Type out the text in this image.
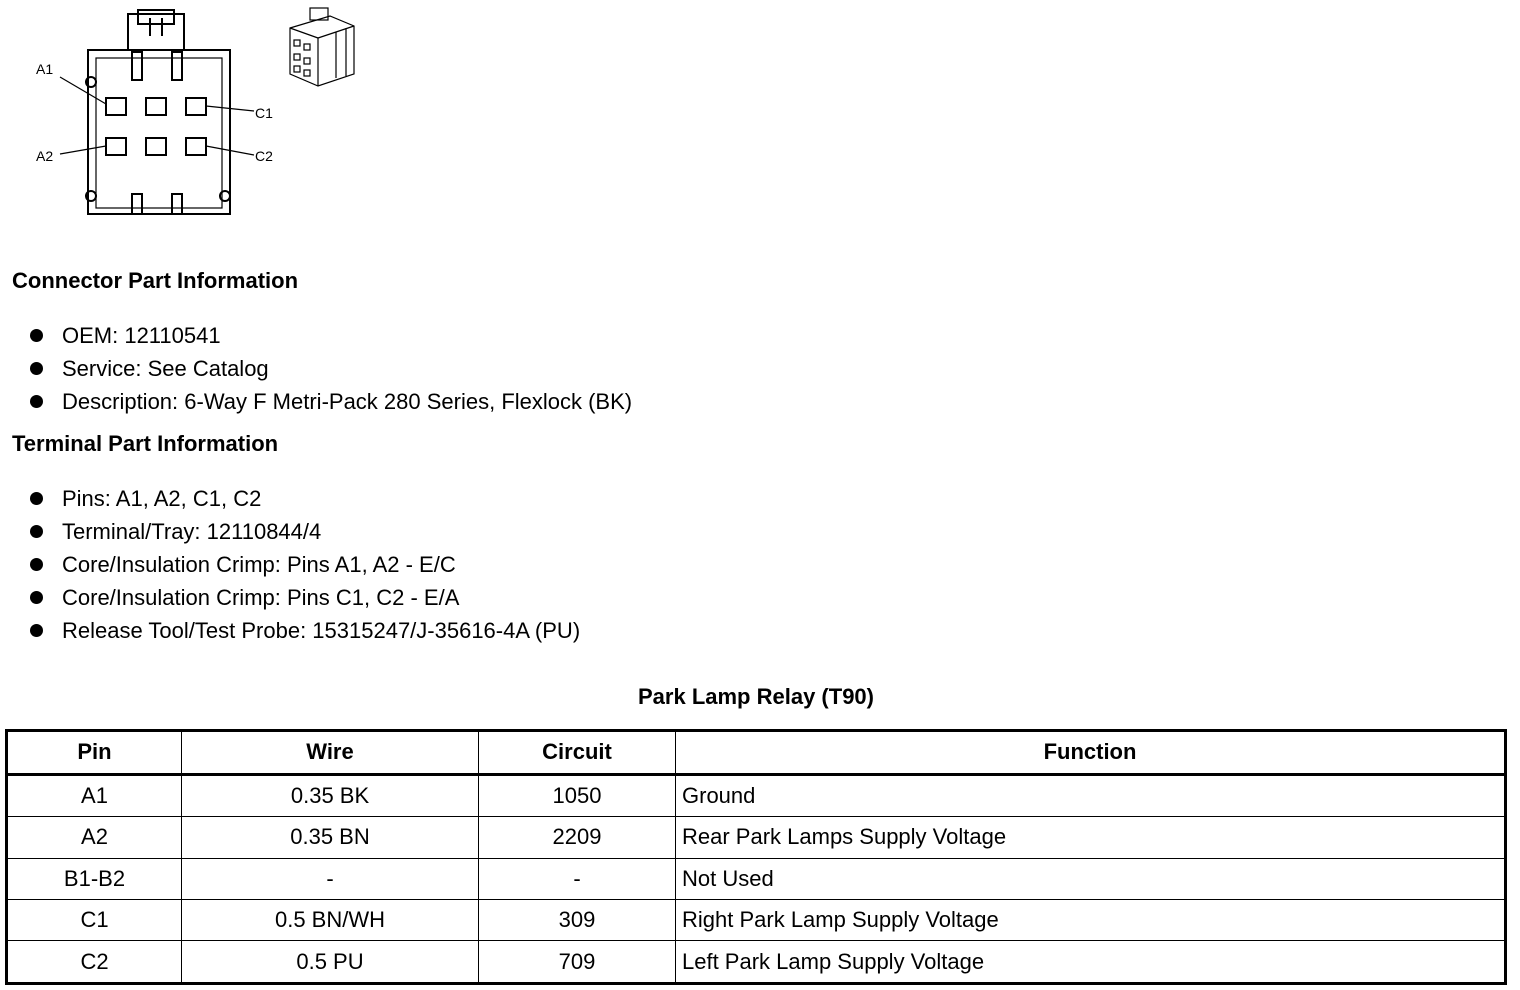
A1
A2
C1
C2
Connector Part Information
OEM: 12110541
Service: See Catalog
Description: 6-Way F Metri-Pack 280 Series, Flexlock (BK)
Terminal Part Information
Pins: A1, A2, C1, C2
Terminal/Tray: 12110844/4
Core/Insulation Crimp: Pins A1, A2 - E/C
Core/Insulation Crimp: Pins C1, C2 - E/A
Release Tool/Test Probe: 15315247/J-35616-4A (PU)
Park Lamp Relay (T90)
Pin	Wire	Circuit	Function
A1	0.35 BK	1050	Ground
A2	0.35 BN	2209	Rear Park Lamps Supply Voltage
B1-B2	-	-	Not Used
C1	0.5 BN/WH	309	Right Park Lamp Supply Voltage
C2	0.5 PU	709	Left Park Lamp Supply Voltage
